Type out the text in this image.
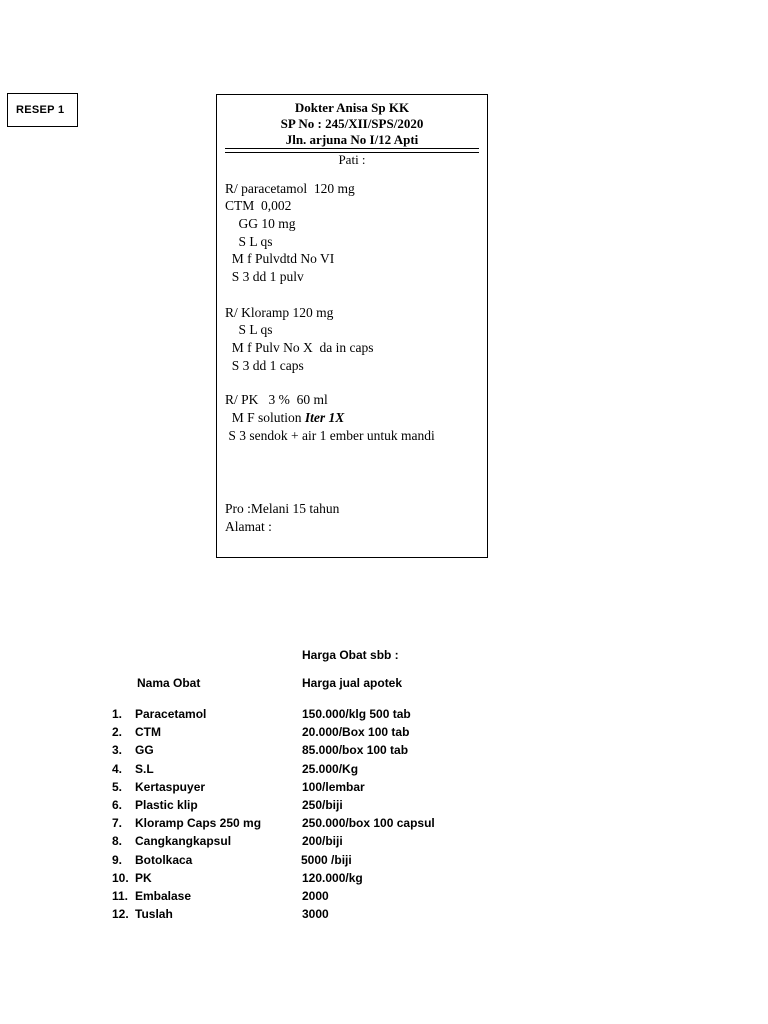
RESEP 1	Dokter Anisa Sp KK
SP No : 245/XII/SPS/2020
Jln. arjuna No I/12 Apti
Pati :
R/ paracetamol  120 mg
CTM  0,002
GG 10 mg
S L qs
M f Pulvdtd No VI
S 3 dd 1 pulv
R/ Kloramp 120 mg
S L qs
M f Pulv No X  da in caps
S 3 dd 1 caps
R/ PK   3 %  60 ml
M F solution Iter 1X
S 3 sendok + air 1 ember untuk mandi
Pro :Melani 15 tahun
Alamat :
Harga Obat sbb :
Nama Obat	Harga jual apotek
1. Paracetamol	150.000/klg 500 tab
2. CTM	20.000/Box 100 tab
3. GG	85.000/box 100 tab
4. S.L	25.000/Kg
5. Kertaspuyer	100/lembar
6. Plastic klip	250/biji
7. Kloramp Caps 250 mg	250.000/box 100 capsul
8. Cangkangkapsul	200/biji
9. Botolkaca	5000 /biji
10. PK	120.000/kg
11. Embalase	2000
12. Tuslah	3000
